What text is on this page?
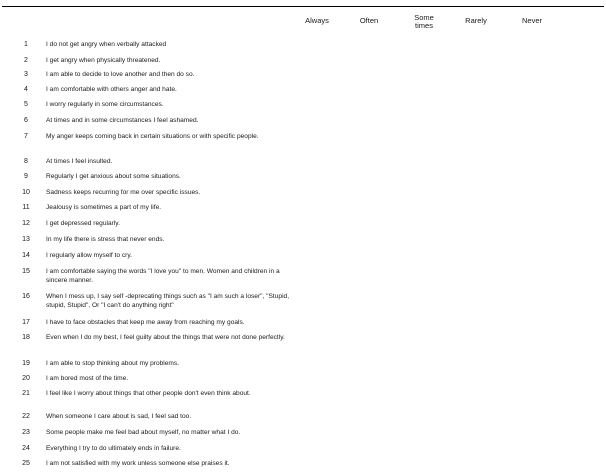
Always	Often	Some
times
Rarely	Never
1	I do not get angry when verbally attacked
2	I get angry when physically threatened.
3	I am able to decide to love another and then do so.
4	I am comfortable with others anger and hate.
5	I worry regularly in some circumstances.
6	At times and in some circumstances I feel ashamed.
7	My anger keeps coming back in certain situations or with specific people.
8	At times I feel insulted.
9	Regularly I get anxious about some situations.
10	Sadness keeps recurring for me over specific issues.
11	Jealousy is sometimes a part of my life.
12	I get depressed regularly.
13	In my life there is stress that never ends.
14	I regularly allow myself to cry.
15	I am comfortable saying the words "I love you" to men. Women and children in a sincere manner.
16	When I mess up, I say self -deprecating things such as "I am such a loser", "Stupid, stupid, Stupid", Or "I can't do anything right"
17	I have to face obstacles that keep me away from reaching my goals.
18	Even when I do my best, I feel guilty about the things that were not done perfectly.
19	I am able to stop thinking about my problems.
20	I am bored most of the time.
21	I feel like I worry about things that other people don't even think about.
22	When someone I care about is sad, I feel sad too.
23	Some people make me feel bad about myself, no matter what I do.
24	Everything I try to do ultimately ends in failure.
25	I am not satisfied with my work unless someone else praises it.
